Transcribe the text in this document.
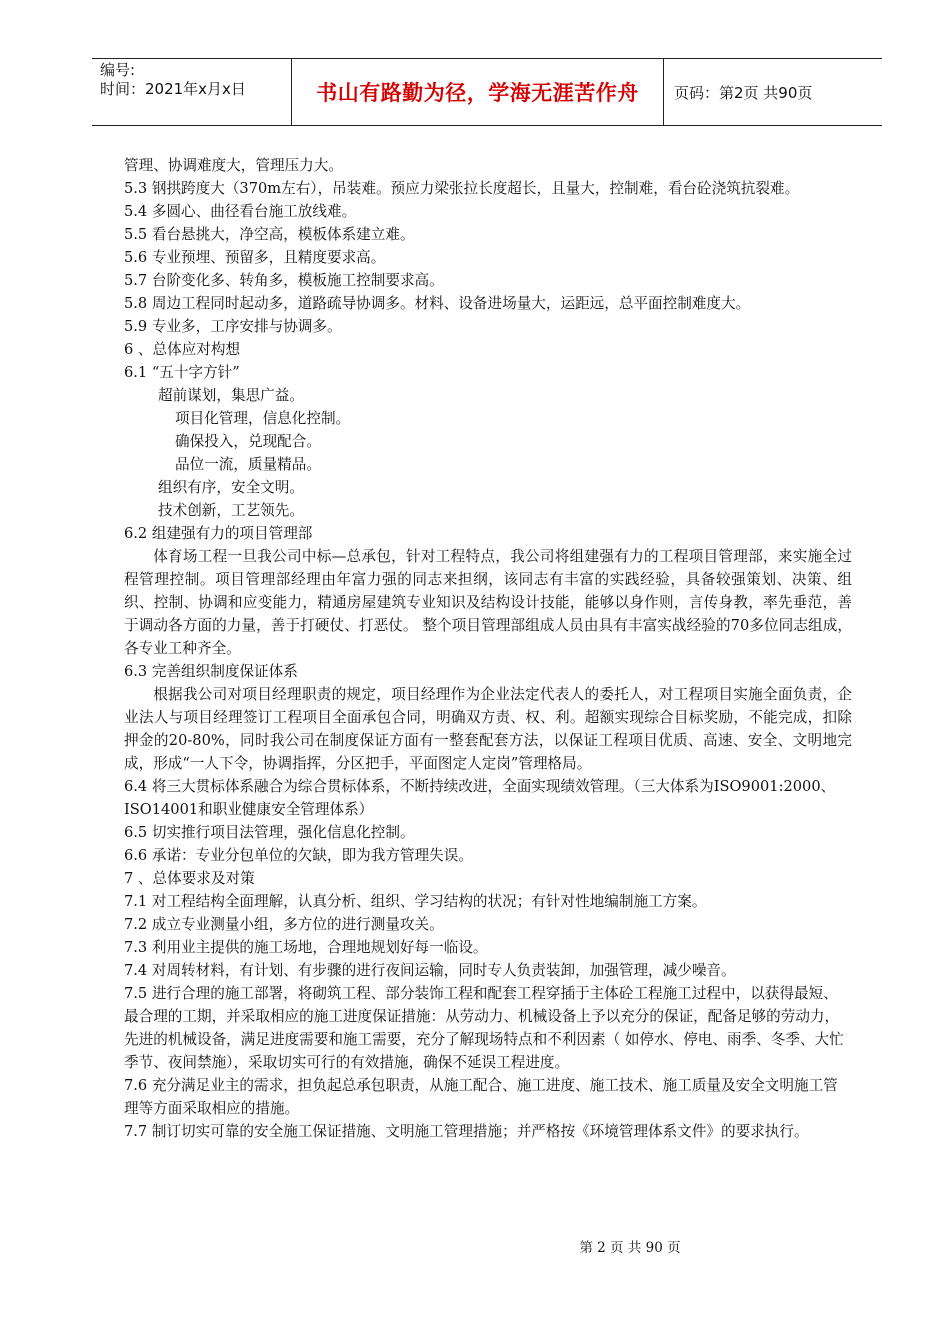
编号:
时间：2021年x月x日	书山有路勤为径，学海无涯苦作舟 页码：第2页 共90页

管理、协调难度大，管理压力大。

5.3 钢拱跨度大（370m左右），吊装难。预应力梁张拉长度超长，且量大，控制难，看台砼浇筑抗裂难。

5.4 多圆心、曲径看台施工放线难。

5.5 看台悬挑大，净空高，模板体系建立难。

5.6 专业预埋、预留多，且精度要求高。

5.7 台阶变化多、转角多，模板施工控制要求高。

5.8 周边工程同时起动多，道路疏导协调多。材料、设备进场量大，运距远，总平面控制难度大。

5.9 专业多，工序安排与协调多。

6 、总体应对构想

6.1 “五十字方针”

超前谋划，集思广益。

项目化管理，信息化控制。

确保投入，兑现配合。

品位一流，质量精品。

组织有序，安全文明。

技术创新，工艺领先。

6.2 组建强有力的项目管理部

体育场工程一旦我公司中标—总承包，针对工程特点，我公司将组建强有力的工程项目管理部，来实施全过程管理控制。项目管理部经理由年富力强的同志来担纲，该同志有丰富的实践经验，具备较强策划、决策、组织、控制、协调和应变能力，精通房屋建筑专业知识及结构设计技能，能够以身作则，言传身教，率先垂范，善于调动各方面的力量，善于打硬仗、打恶仗。 整个项目管理部组成人员由具有丰富实战经验的70多位同志组成，各专业工种齐全。

6.3 完善组织制度保证体系

根据我公司对项目经理职责的规定，项目经理作为企业法定代表人的委托人，对工程项目实施全面负责，企业法人与项目经理签订工程项目全面承包合同，明确双方责、权、利。超额实现综合目标奖励，不能完成，扣除押金的20-80%，同时我公司在制度保证方面有一整套配套方法，以保证工程项目优质、高速、安全、文明地完成，形成“一人下令，协调指挥，分区把手，平面图定人定岗”管理格局。

6.4 将三大贯标体系融合为综合贯标体系，不断持续改进，全面实现绩效管理。（三大体系为ISO9001:2000、ISO14001和职业健康安全管理体系）

6.5 切实推行项目法管理，强化信息化控制。

6.6 承诺：专业分包单位的欠缺，即为我方管理失误。

7 、总体要求及对策

7.1 对工程结构全面理解，认真分析、组织、学习结构的状况；有针对性地编制施工方案。

7.2 成立专业测量小组，多方位的进行测量攻关。

7.3 利用业主提供的施工场地，合理地规划好每一临设。

7.4 对周转材料，有计划、有步骤的进行夜间运输，同时专人负责装卸，加强管理，减少噪音。

7.5 进行合理的施工部署，将砌筑工程、部分装饰工程和配套工程穿插于主体砼工程施工过程中，以获得最短、最合理的工期，并采取相应的施工进度保证措施：从劳动力、机械设备上予以充分的保证，配备足够的劳动力，先进的机械设备，满足进度需要和施工需要，充分了解现场特点和不利因素（ 如停水、停电、雨季、冬季、大忙季节、夜间禁施），采取切实可行的有效措施，确保不延误工程进度。

7.6 充分满足业主的需求，担负起总承包职责，从施工配合、施工进度、施工技术、施工质量及安全文明施工管理等方面采取相应的措施。

7.7 制订切实可靠的安全施工保证措施、文明施工管理措施；并严格按《环境管理体系文件》的要求执行。

第 2 页 共 90 页
